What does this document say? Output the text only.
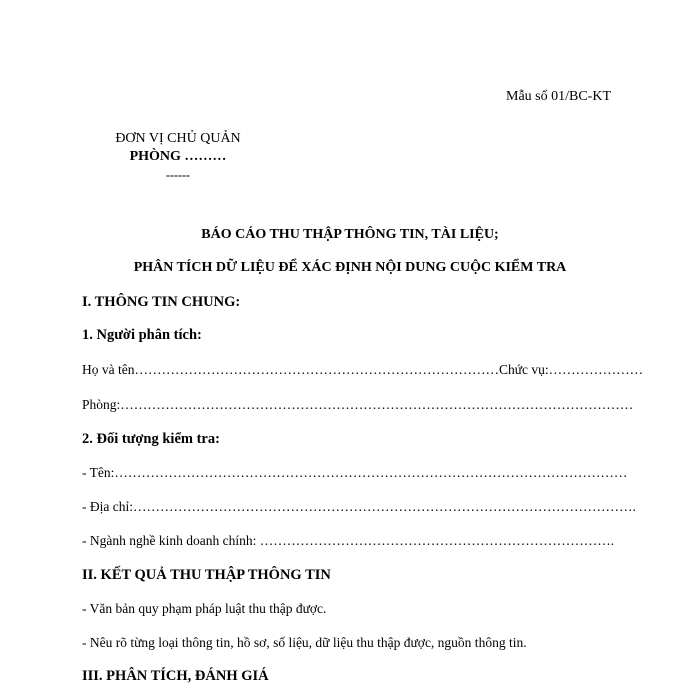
Mẫu số 01/BC-KT
ĐƠN VỊ CHỦ QUẢN
PHÒNG ………
------
BÁO CÁO THU THẬP THÔNG TIN, TÀI LIỆU;
PHÂN TÍCH DỮ LIỆU ĐỂ XÁC ĐỊNH NỘI DUNG CUỘC KIỂM TRA
I. THÔNG TIN CHUNG:
1. Người phân tích:
Họ và tên………………………………………………………………………Chức vụ:…………………
Phòng:……………………………………………………………………………………………………
2. Đối tượng kiểm tra:
- Tên:……………………………………………………………………………………………………
- Địa chỉ:………………………………………………………………………………………………….
- Ngành nghề kinh doanh chính: …………………………………………………………………….
II. KẾT QUẢ THU THẬP THÔNG TIN
- Văn bản quy phạm pháp luật thu thập được.
- Nêu rõ từng loại thông tin, hồ sơ, số liệu, dữ liệu thu thập được, nguồn thông tin.
III. PHÂN TÍCH, ĐÁNH GIÁ
